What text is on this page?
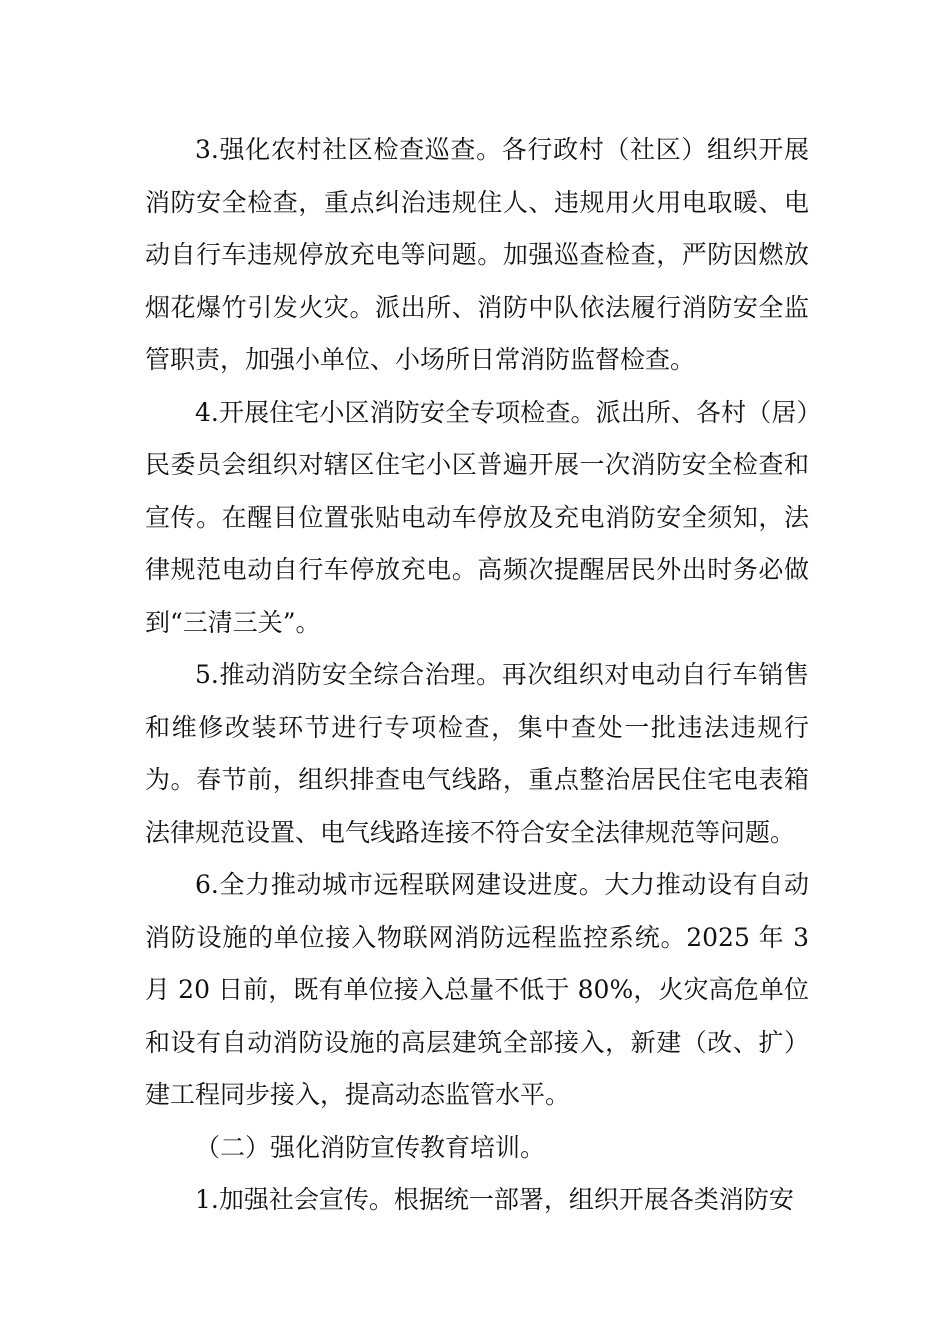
3.强化农村社区检查巡查。各行政村（社区）组织开展消防安全检查，重点纠治违规住人、违规用火用电取暖、电动自行车违规停放充电等问题。加强巡查检查，严防因燃放烟花爆竹引发火灾。派出所、消防中队依法履行消防安全监管职责，加强小单位、小场所日常消防监督检查。

4.开展住宅小区消防安全专项检查。派出所、各村（居）民委员会组织对辖区住宅小区普遍开展一次消防安全检查和宣传。在醒目位置张贴电动车停放及充电消防安全须知，法律规范电动自行车停放充电。高频次提醒居民外出时务必做到“三清三关”。

5.推动消防安全综合治理。再次组织对电动自行车销售和维修改装环节进行专项检查，集中查处一批违法违规行为。春节前，组织排查电气线路，重点整治居民住宅电表箱法律规范设置、电气线路连接不符合安全法律规范等问题。

6.全力推动城市远程联网建设进度。大力推动设有自动消防设施的单位接入物联网消防远程监控系统。2025 年 3 月 20 日前，既有单位接入总量不低于 80%，火灾高危单位和设有自动消防设施的高层建筑全部接入，新建（改、扩）建工程同步接入，提高动态监管水平。

（二）强化消防宣传教育培训。

1.加强社会宣传。根据统一部署，组织开展各类消防安
